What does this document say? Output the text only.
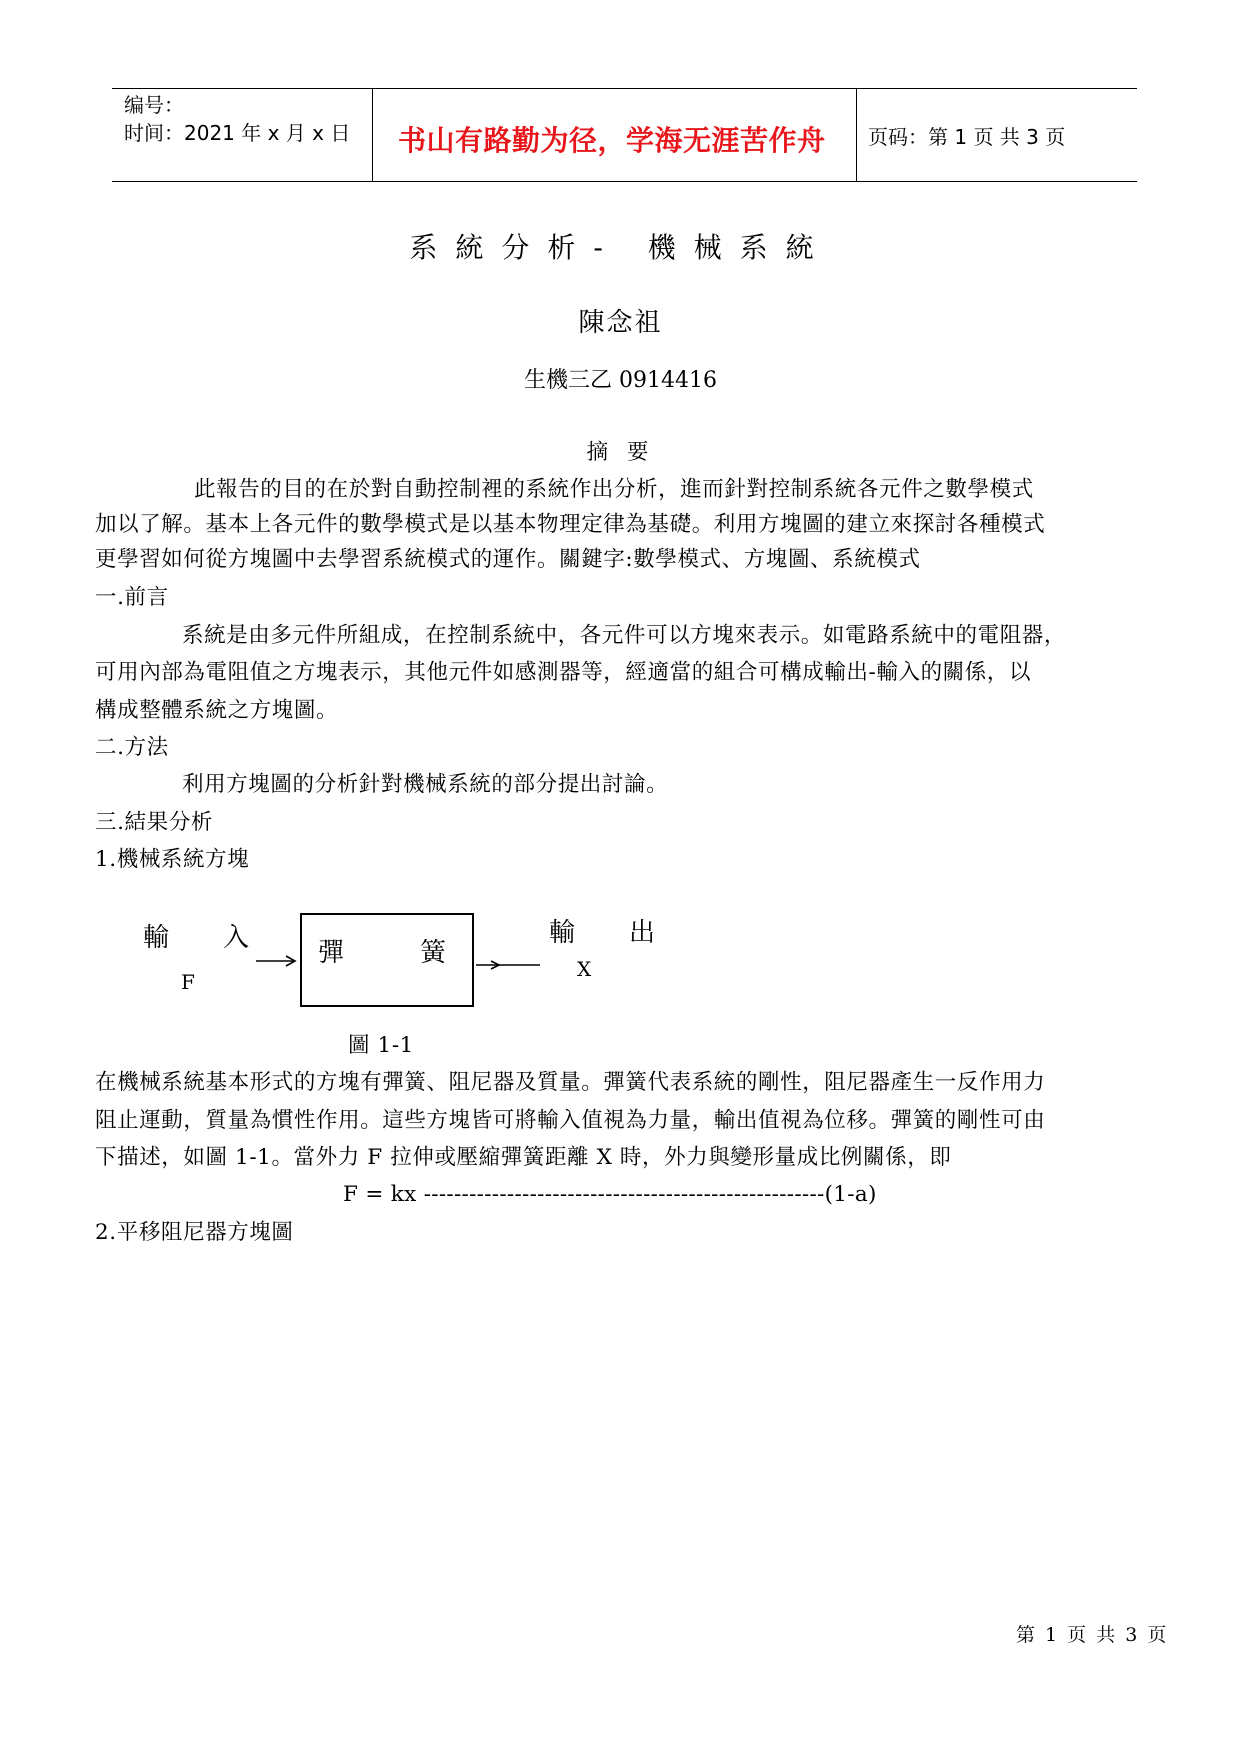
编号：
时间：2021 年 x 月 x 日 书山有路勤为径，学海无涯苦作舟 页码：第 1 页 共 3 页
系統分析- 機械系統
陳念祖
生機三乙 0914416
摘 要
此報告的目的在於對自動控制裡的系統作出分析，進而針對控制系統各元件之數學模式
加以了解。基本上各元件的數學模式是以基本物理定律為基礎。利用方塊圖的建立來探討各種模式
更學習如何從方塊圖中去學習系統模式的運作。關鍵字:數學模式、方塊圖、系統模式
一.前言
系統是由多元件所組成，在控制系統中，各元件可以方塊來表示。如電路系統中的電阻器，
可用內部為電阻值之方塊表示，其他元件如感測器等，經適當的組合可構成輸出-輸入的關係，以
構成整體系統之方塊圖。
二.方法
利用方塊圖的分析針對機械系統的部分提出討論。
三.結果分析
1.機械系統方塊
輸　入
F
彈	簧
輸　出
X
圖 1-1
在機械系統基本形式的方塊有彈簧、阻尼器及質量。彈簧代表系統的剛性，阻尼器產生一反作用力
阻止運動，質量為慣性作用。這些方塊皆可將輸入值視為力量，輸出值視為位移。彈簧的剛性可由
下描述，如圖 1-1。當外力 F 拉伸或壓縮彈簧距離 X 時，外力與變形量成比例關係，即
F = kx -----------------------------------------------------(1-a)
2.平移阻尼器方塊圖
第 1 页 共 3 页
